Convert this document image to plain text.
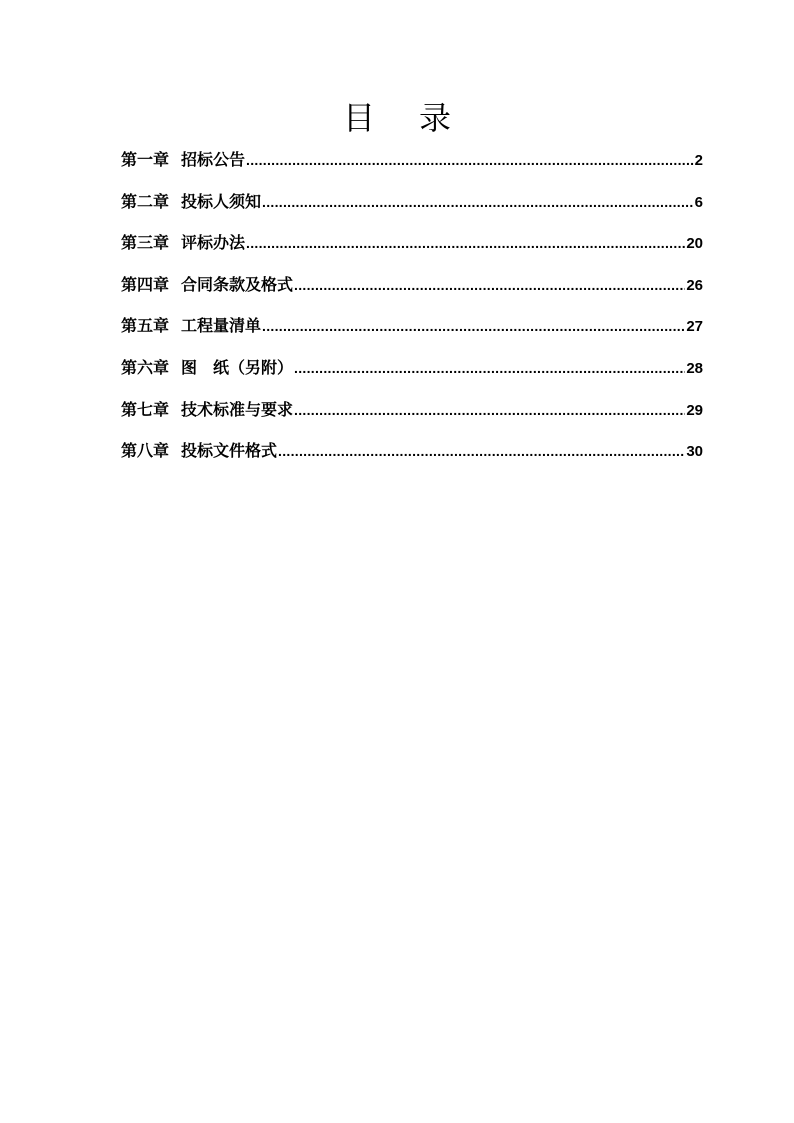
目 录
第一章 招标公告 .....	2
第二章 投标人须知 .....	6
第三章 评标办法 .....	20
第四章 合同条款及格式 .....	26
第五章 工程量清单 .....	27
第六章 图　纸（另附） .....	28
第七章 技术标准与要求 .....	29
第八章 投标文件格式 .....	30
